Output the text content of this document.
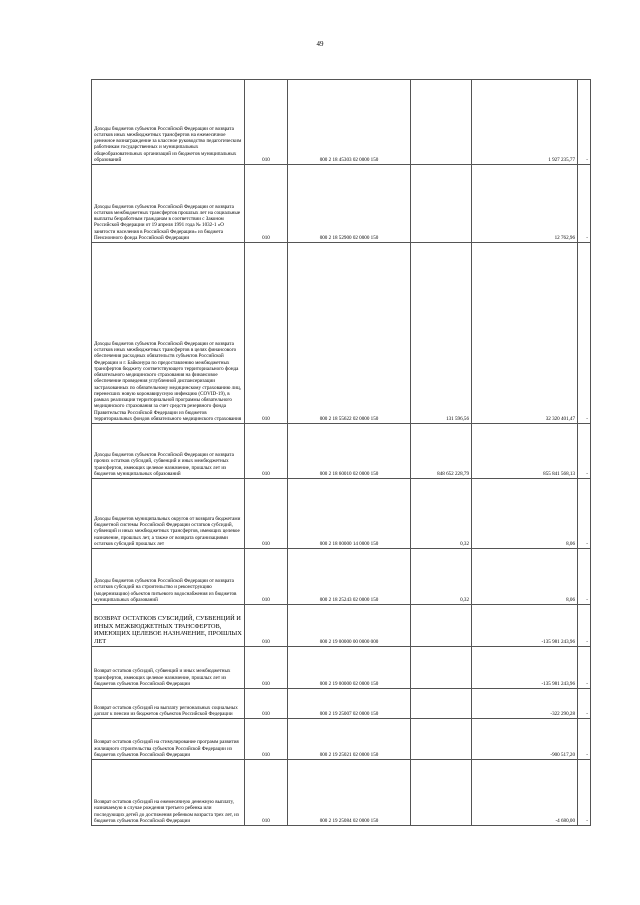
49
Доходы бюджетов субъектов Российской Федерации от возврата остатков иных межбюджетных трансфертов на ежемесячное денежное вознаграждение за классное руководство педагогическим работникам государственных и муниципальных общеобразовательных организаций из бюджетов муниципальных образований	010	000 2 18 45303 02 0000 150		1 927 235,77	-
Доходы бюджетов субъектов Российской Федерации от возврата остатков межбюджетных трансфертов прошлых лет на социальные выплаты безработным гражданам в соответствии с Законом Российской Федерации от 19 апреля 1991 года № 1032-1 «О занятости населения в Российской Федерации» из бюджета Пенсионного фонда Российской Федерации	010	000 2 18 52900 02 0000 150		12 762,96	-
Доходы бюджетов субъектов Российской Федерации от возврата остатков иных межбюджетных трансфертов в целях финансового обеспечения расходных обязательств субъектов Российской Федерации и г. Байконура по предоставлению межбюджетных трансфертов бюджету соответствующего территориального фонда обязательного медицинского страхования на финансовое обеспечение проведения углубленной диспансеризации застрахованных по обязательному медицинскому страхованию лиц, перенесших новую коронавирусную инфекцию (COVID-19), в рамках реализации территориальной программы обязательного медицинского страхования за счет средств резервного фонда Правительства Российской Федерации из бюджетов территориальных фондов обязательного медицинского страхования	010	000 2 18 55622 02 0000 150	131 596,56	32 320 401,47	-
Доходы бюджетов субъектов Российской Федерации от возврата прочих остатков субсидий, субвенций и иных межбюджетных трансфертов, имеющих целевое назначение, прошлых лет из бюджетов муниципальных образований	010	000 2 18 60010 02 0000 150	848 652 228,79	855 841 568,13	-
Доходы бюджетов муниципальных округов от возврата бюджетами бюджетной системы Российской Федерации остатков субсидий, субвенций и иных межбюджетных трансфертов, имеющих целевое назначение, прошлых лет, а также от возврата организациями остатков субсидий прошлых лет	010	000 2 18 00000 14 0000 150	0,32	8,06	-
Доходы бюджетов субъектов Российской Федерации от возврата остатков субсидий на строительство и реконструкцию (модернизацию) объектов питьевого водоснабжения из бюджетов муниципальных образований	010	000 2 18 25243 02 0000 150	0,32	8,06	-
ВОЗВРАТ ОСТАТКОВ СУБСИДИЙ, СУБВЕНЦИЙ И ИНЫХ МЕЖБЮДЖЕТНЫХ ТРАНСФЕРТОВ, ИМЕЮЩИХ ЦЕЛЕВОЕ НАЗНАЧЕНИЕ, ПРОШЛЫХ ЛЕТ	010	000 2 19 00000 00 0000 000		-135 981 243,96	-
Возврат остатков субсидий, субвенций и иных межбюджетных трансфертов, имеющих целевое назначение, прошлых лет из бюджетов субъектов Российской Федерации	010	000 2 19 00000 02 0000 150		-135 981 243,96	-
Возврат остатков субсидий на выплату региональных социальных доплат к пенсии из бюджетов субъектов Российской Федерации	010	000 2 19 25007 02 0000 150		-322 290,28	-
Возврат остатков субсидий на стимулирование программ развития жилищного строительства субъектов Российской Федерации из бюджетов субъектов Российской Федерации	010	000 2 19 25021 02 0000 150		-900 517,20	-
Возврат остатков субсидий на ежемесячную денежную выплату, назначаемую в случае рождения третьего ребенка или последующих детей до достижения ребенком возраста трех лет, из бюджетов субъектов Российской Федерации	010	000 2 19 25084 02 0000 150		-4 680,00	-
